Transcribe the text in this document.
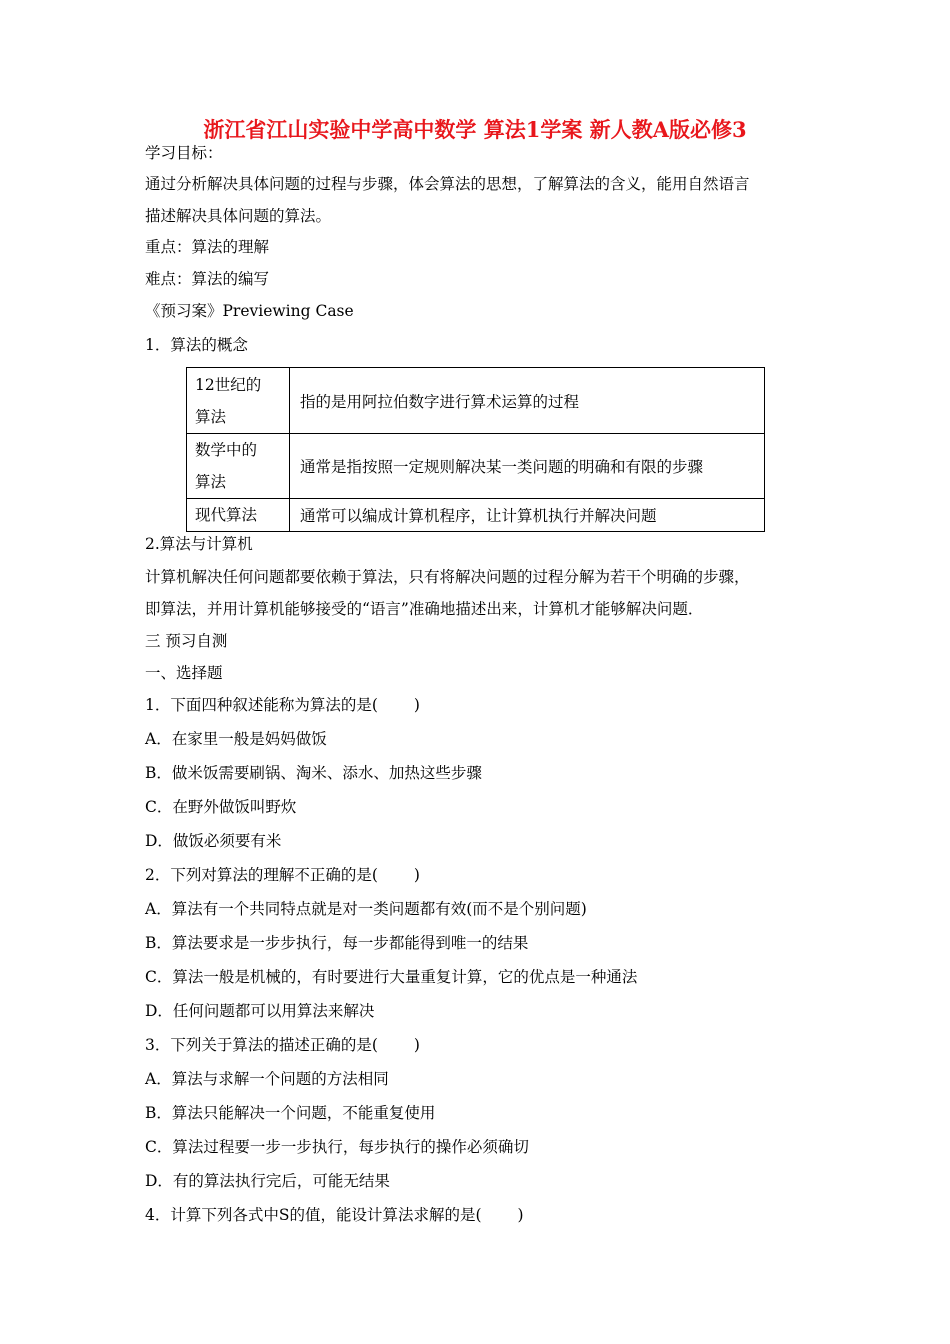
浙江省江山实验中学高中数学 算法1学案 新人教A版必修3
学习目标：
通过分析解决具体问题的过程与步骤，体会算法的思想，了解算法的含义，能用自然语言
描述解决具体问题的算法。
重点：算法的理解
难点：算法的编写
《预习案》Previewing Case
1．算法的概念
12世纪的
算法	指的是用阿拉伯数字进行算术运算的过程
数学中的
算法	通常是指按照一定规则解决某一类问题的明确和有限的步骤
现代算法	通常可以编成计算机程序，让计算机执行并解决问题
2.算法与计算机
计算机解决任何问题都要依赖于算法，只有将解决问题的过程分解为若干个明确的步骤，
即算法，并用计算机能够接受的“语言”准确地描述出来，计算机才能够解决问题．
三 预习自测
一、选择题
1．下面四种叙述能称为算法的是( )
A．在家里一般是妈妈做饭
B．做米饭需要刷锅、淘米、添水、加热这些步骤
C．在野外做饭叫野炊
D．做饭必须要有米
2．下列对算法的理解不正确的是( )
A．算法有一个共同特点就是对一类问题都有效(而不是个别问题)
B．算法要求是一步步执行，每一步都能得到唯一的结果
C．算法一般是机械的，有时要进行大量重复计算，它的优点是一种通法
D．任何问题都可以用算法来解决
3．下列关于算法的描述正确的是( )
A．算法与求解一个问题的方法相同
B．算法只能解决一个问题，不能重复使用
C．算法过程要一步一步执行，每步执行的操作必须确切
D．有的算法执行完后，可能无结果
4．计算下列各式中S的值，能设计算法求解的是( )
